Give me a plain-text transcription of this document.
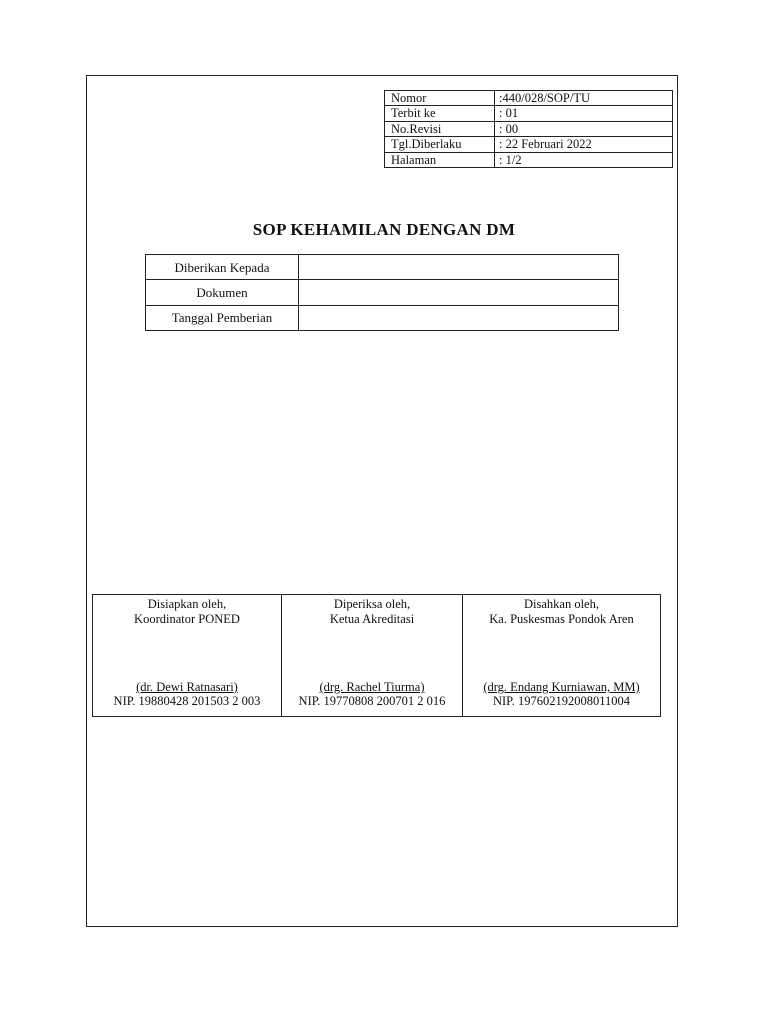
Nomor	:440/028/SOP/TU
Terbit ke	: 01
No.Revisi	: 00
Tgl.Diberlaku	: 22 Februari 2022
Halaman	: 1/2
SOP KEHAMILAN DENGAN DM
Diberikan Kepada	
Dokumen	
Tanggal Pemberian	
Disiapkan oleh,
Koordinator PONED
(dr. Dewi Ratnasari)
NIP. 19880428 201503 2 003

Diperiksa oleh,
Ketua Akreditasi
(drg. Rachel Tiurma)
NIP. 19770808 200701 2 016

Disahkan oleh,
Ka. Puskesmas Pondok Aren
(drg. Endang Kurniawan, MM)
NIP. 197602192008011004
